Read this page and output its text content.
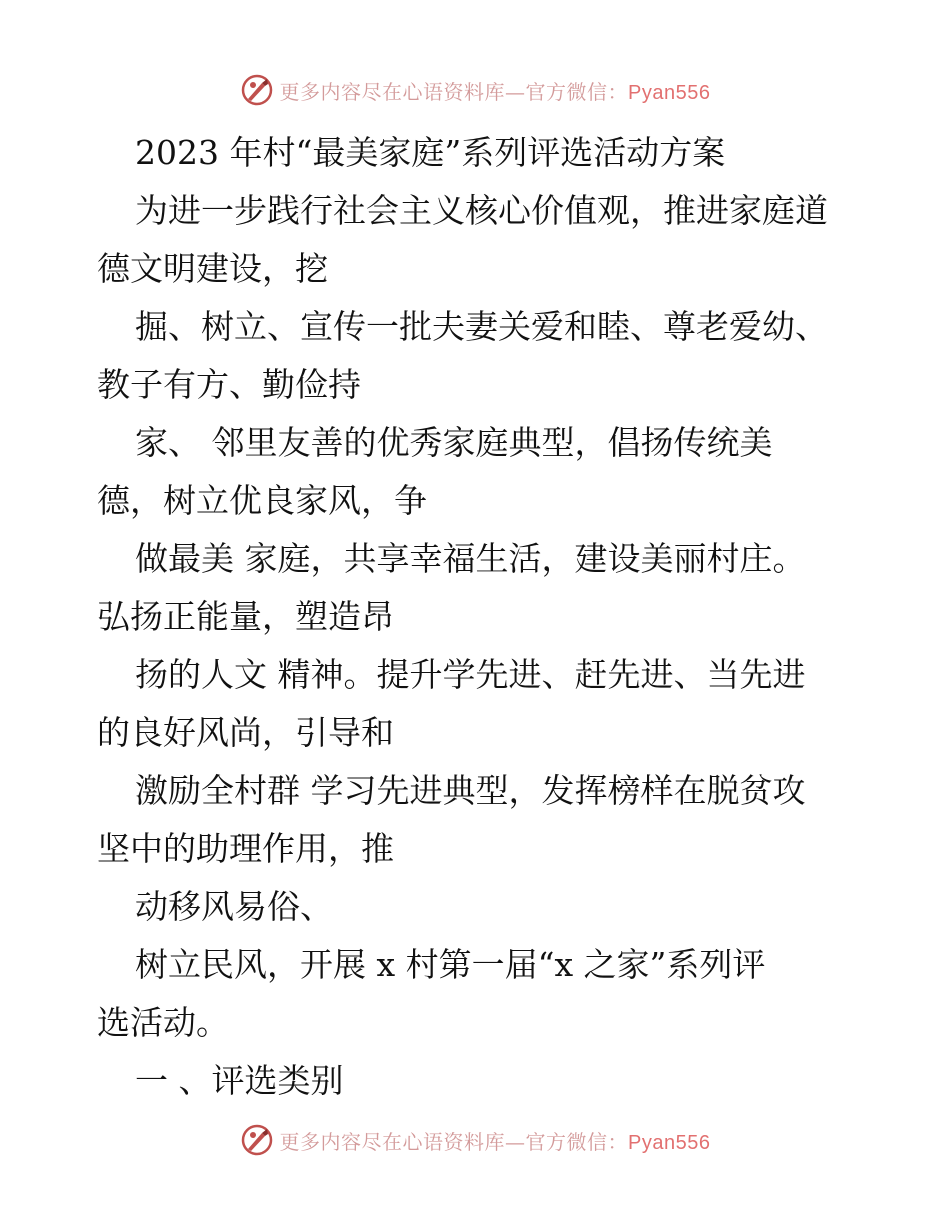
更多内容尽在心语资料库—官方微信：Pyan556
2023 年村“最美家庭”系列评选活动方案
为进一步践行社会主义核心价值观，推进家庭道
德文明建设，挖
掘、树立、宣传一批夫妻关爱和睦、尊老爱幼、
教子有方、勤俭持
家、 邻里友善的优秀家庭典型，倡扬传统美
德，树立优良家风，争
做最美 家庭，共享幸福生活，建设美丽村庄。
弘扬正能量，塑造昂
扬的人文 精神。提升学先进、赶先进、当先进
的良好风尚，引导和
激励全村群 学习先进典型，发挥榜样在脱贫攻
坚中的助理作用，推
动移风易俗、
树立民风，开展 x 村第一届“x 之家”系列评
选活动。
一 、评选类别
更多内容尽在心语资料库—官方微信：Pyan556
